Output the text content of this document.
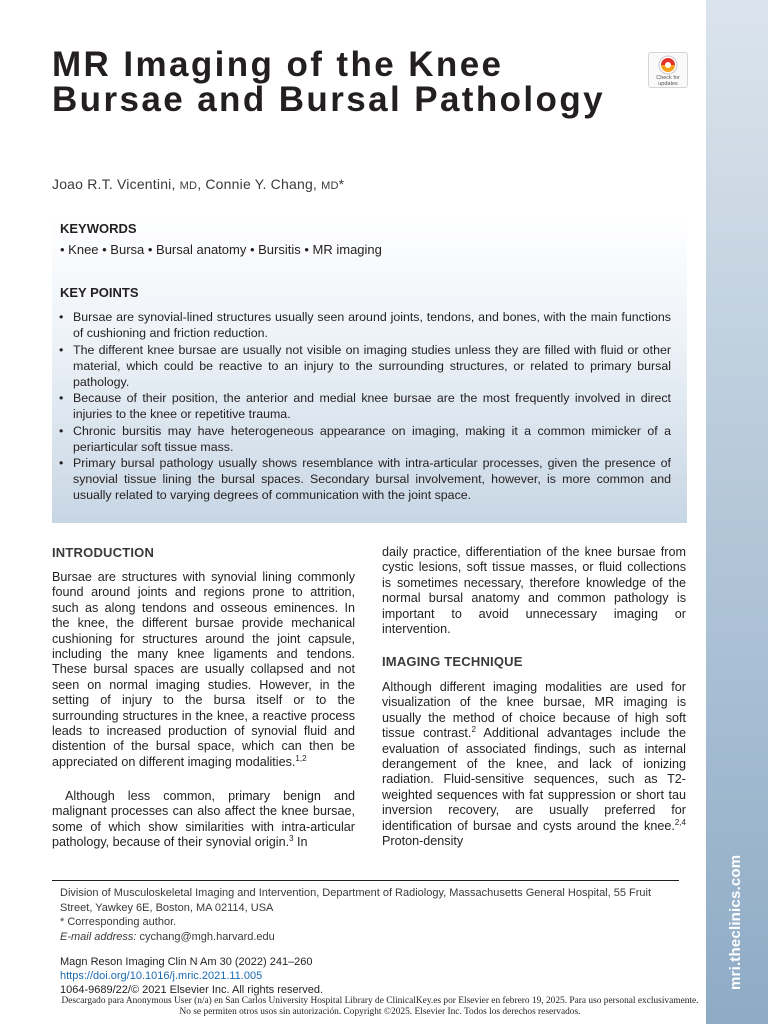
mri.theclinics.com
MR Imaging of the Knee Bursae and Bursal Pathology
Check for
updates
Joao R.T. Vicentini, MD, Connie Y. Chang, MD*
KEYWORDS
• Knee • Bursa • Bursal anatomy • Bursitis • MR imaging
KEY POINTS
• Bursae are synovial-lined structures usually seen around joints, tendons, and bones, with the main functions of cushioning and friction reduction.
• The different knee bursae are usually not visible on imaging studies unless they are filled with fluid or other material, which could be reactive to an injury to the surrounding structures, or related to primary bursal pathology.
• Because of their position, the anterior and medial knee bursae are the most frequently involved in direct injuries to the knee or repetitive trauma.
• Chronic bursitis may have heterogeneous appearance on imaging, making it a common mimicker of a periarticular soft tissue mass.
• Primary bursal pathology usually shows resemblance with intra-articular processes, given the presence of synovial tissue lining the bursal spaces. Secondary bursal involvement, however, is more common and usually related to varying degrees of communication with the joint space.
INTRODUCTION

Bursae are structures with synovial lining commonly found around joints and regions prone to attrition, such as along tendons and osseous eminences. In the knee, the different bursae provide mechanical cushioning for structures around the joint capsule, including the many knee ligaments and tendons. These bursal spaces are usually collapsed and not seen on normal imaging studies. However, in the setting of injury to the bursa itself or to the surrounding structures in the knee, a reactive process leads to increased production of synovial fluid and distention of the bursal space, which can then be appreciated on different imaging modalities.$^{1,2}$

Although less common, primary benign and malignant processes can also affect the knee bursae, some of which show similarities with intra-articular pathology, because of their synovial origin.$^3$ In

daily practice, differentiation of the knee bursae from cystic lesions, soft tissue masses, or fluid collections is sometimes necessary, therefore knowledge of the normal bursal anatomy and common pathology is important to avoid unnecessary imaging or intervention.

IMAGING TECHNIQUE

Although different imaging modalities are used for visualization of the knee bursae, MR imaging is usually the method of choice because of high soft tissue contrast.$^2$ Additional advantages include the evaluation of associated findings, such as internal derangement of the knee, and lack of ionizing radiation. Fluid-sensitive sequences, such as T2-weighted sequences with fat suppression or short tau inversion recovery, are usually preferred for identification of bursae and cysts around the knee.$^{2,4}$ Proton-density

Division of Musculoskeletal Imaging and Intervention, Department of Radiology, Massachusetts General Hospital, 55 Fruit Street, Yawkey 6E, Boston, MA 02114, USA
* Corresponding author.
E-mail address: cychang@mgh.harvard.edu
Magn Reson Imaging Clin N Am 30 (2022) 241–260
https://doi.org/10.1016/j.mric.2021.11.005
1064-9689/22/© 2021 Elsevier Inc. All rights reserved.
Descargado para Anonymous User (n/a) en San Carlos University Hospital Library de ClinicalKey.es por Elsevier en febrero 19, 2025. Para uso personal exclusivamente. No se permiten otros usos sin autorización. Copyright ©2025. Elsevier Inc. Todos los derechos reservados.
